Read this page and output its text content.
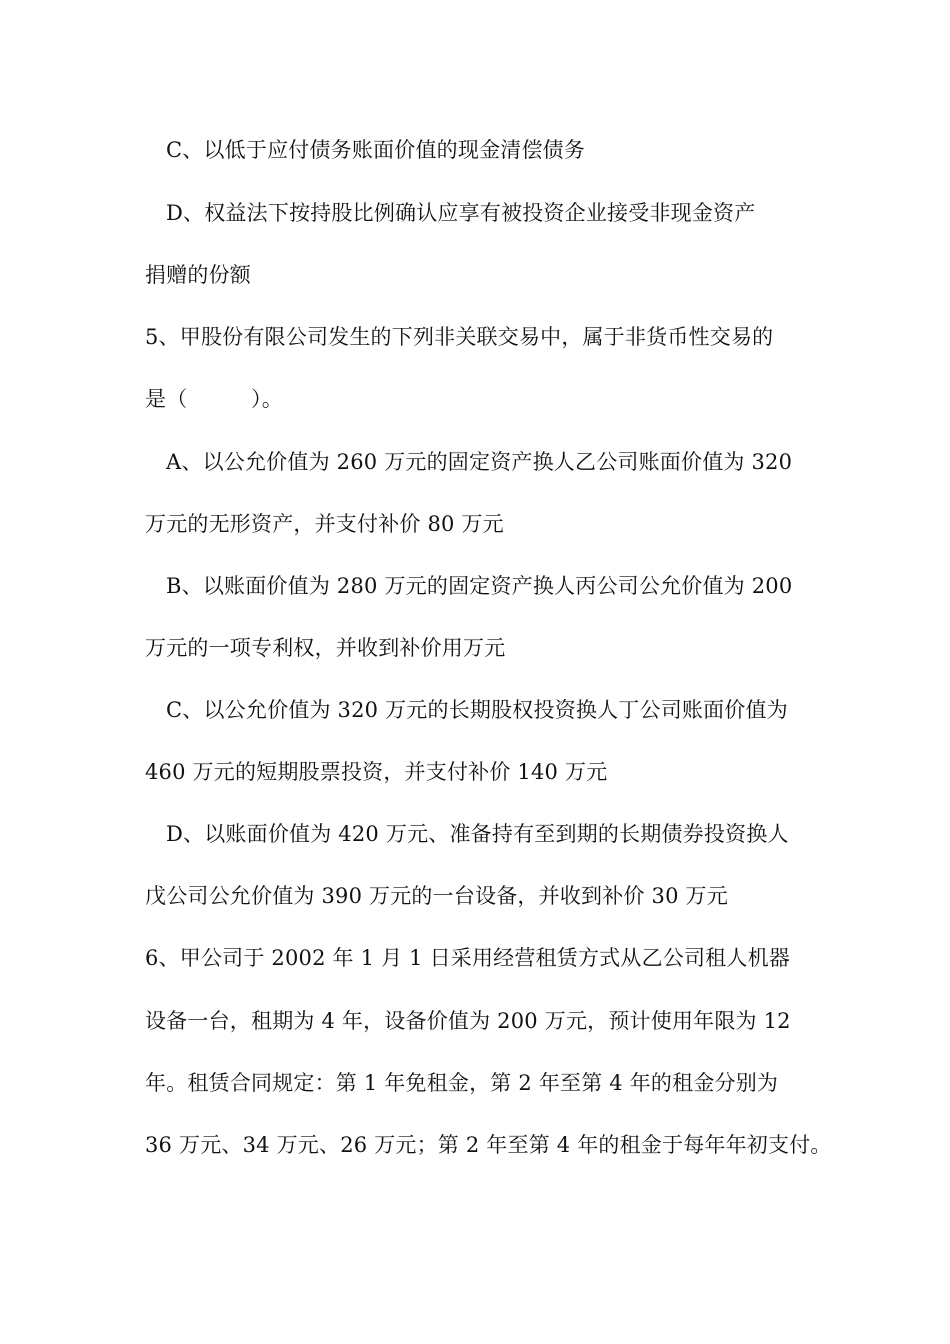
C、以低于应付债务账面价值的现金清偿债务
D、权益法下按持股比例确认应享有被投资企业接受非现金资产
捐赠的份额
5、甲股份有限公司发生的下列非关联交易中，属于非货币性交易的
是（　　　）。
A、以公允价值为 260 万元的固定资产换人乙公司账面价值为 320
万元的无形资产，并支付补价 80 万元
B、以账面价值为 280 万元的固定资产换人丙公司公允价值为 200
万元的一项专利权，并收到补价用万元
C、以公允价值为 320 万元的长期股权投资换人丁公司账面价值为
460 万元的短期股票投资，并支付补价 140 万元
D、以账面价值为 420 万元、准备持有至到期的长期债券投资换人
戊公司公允价值为 390 万元的一台设备，并收到补价 30 万元
6、甲公司于 2002 年 1 月 1 日采用经营租赁方式从乙公司租人机器
设备一台，租期为 4 年，设备价值为 200 万元，预计使用年限为 12
年。租赁合同规定：第 1 年免租金，第 2 年至第 4 年的租金分别为
36 万元、34 万元、26 万元；第 2 年至第 4 年的租金于每年年初支付。
